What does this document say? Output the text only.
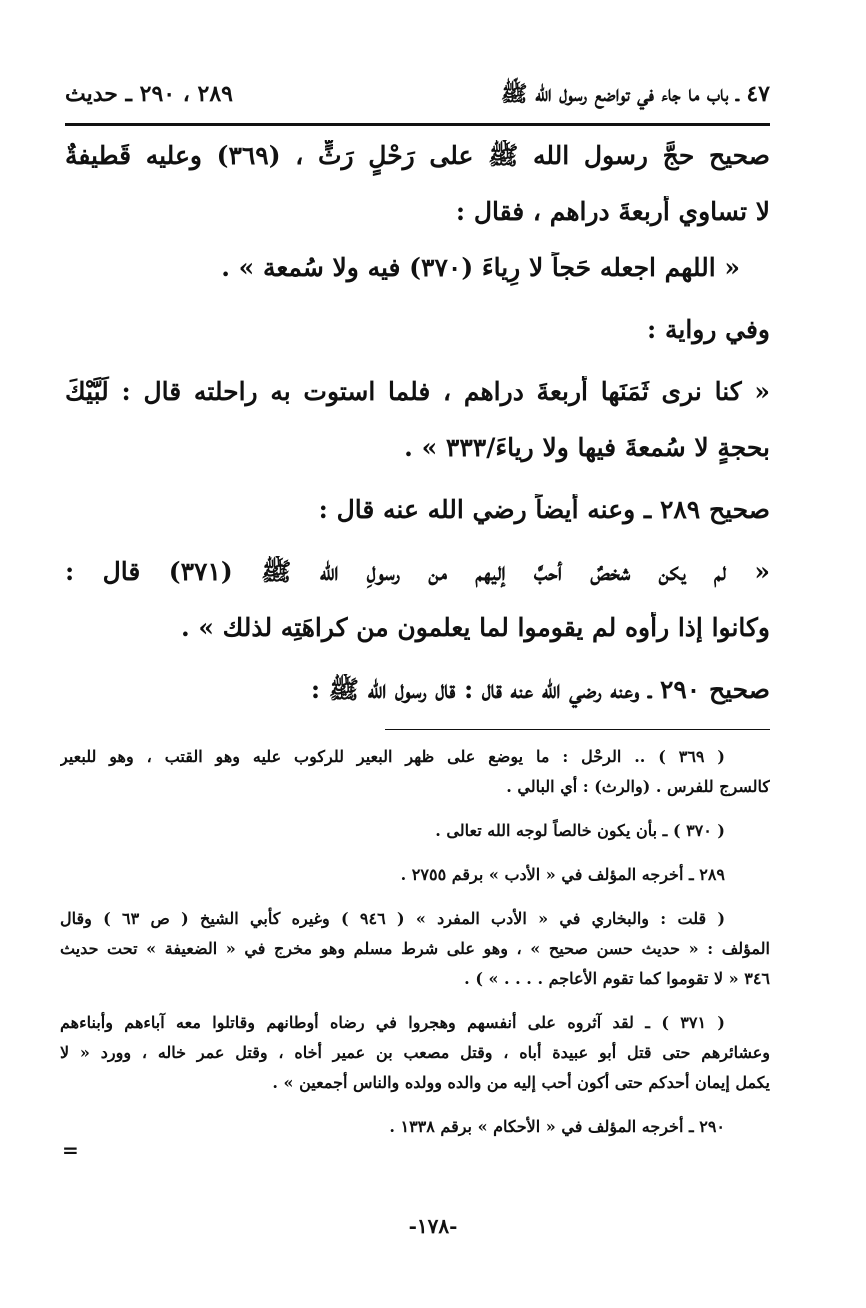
٤٧ ـ باب ما جاء في تواضع رسول الله ﷺ
٢٨٩ ، ٢٩٠ ـ حديث
صحيح حجَّ رسول الله ﷺ على رَحْلٍ رَثٍّ ، (٣٦٩) وعليه قَطيفةٌ
لا تساوي أربعةَ دراهم ، فقال :
« اللهم اجعله حَجاً لا رِياءَ (٣٧٠) فيه ولا سُمعة » .
وفي رواية :
« كنا نرى ثَمَنَها أربعةَ دراهم ، فلما استوت به راحلته قال : لَبَّيْكَ
بحجةٍ لا سُمعةَ فيها ولا رياءَ/٣٣٣ » .
صحيح ٢٨٩ ـ وعنه أيضاً رضي الله عنه قال :
« لم يكن شخصٌ أحبَّ إليهم من رسولِ الله ﷺ (٣٧١) قال :
وكانوا إذا رأوه لم يقوموا لما يعلمون من كراهَتِه لذلك » .
صحيح ٢٩٠ ـ وعنه رضي الله عنه قال : قال رسول الله ﷺ :
( ٣٦٩ ) .. الرحْل : ما يوضع على ظهر البعير للركوب عليه وهو القتب ، وهو للبعير
كالسرج للفرس . (والرث) : أي البالي .
( ٣٧٠ ) ـ بأن يكون خالصاً لوجه الله تعالى .
٢٨٩ ـ أخرجه المؤلف في « الأدب » برقم ٢٧٥٥ .
( قلت : والبخاري في « الأدب المفرد » ( ٩٤٦ ) وغيره كأبي الشيخ ( ص ٦٣ ) وقال
المؤلف : « حديث حسن صحيح » ، وهو على شرط مسلم وهو مخرج في « الضعيفة » تحت حديث
٣٤٦ « لا تقوموا كما تقوم الأعاجم . . . . » ) .
( ٣٧١ ) ـ لقد آثروه على أنفسهم وهجروا في رضاه أوطانهم وقاتلوا معه آباءهم وأبناءهم
وعشائرهم حتى قتل أبو عبيدة أباه ، وقتل مصعب بن عمير أخاه ، وقتل عمر خاله ، وورد « لا
يكمل إيمان أحدكم حتى أكون أحب إليه من والده وولده والناس أجمعين » .
٢٩٠ ـ أخرجه المؤلف في « الأحكام » برقم ١٣٣٨ .
=
-١٧٨-
